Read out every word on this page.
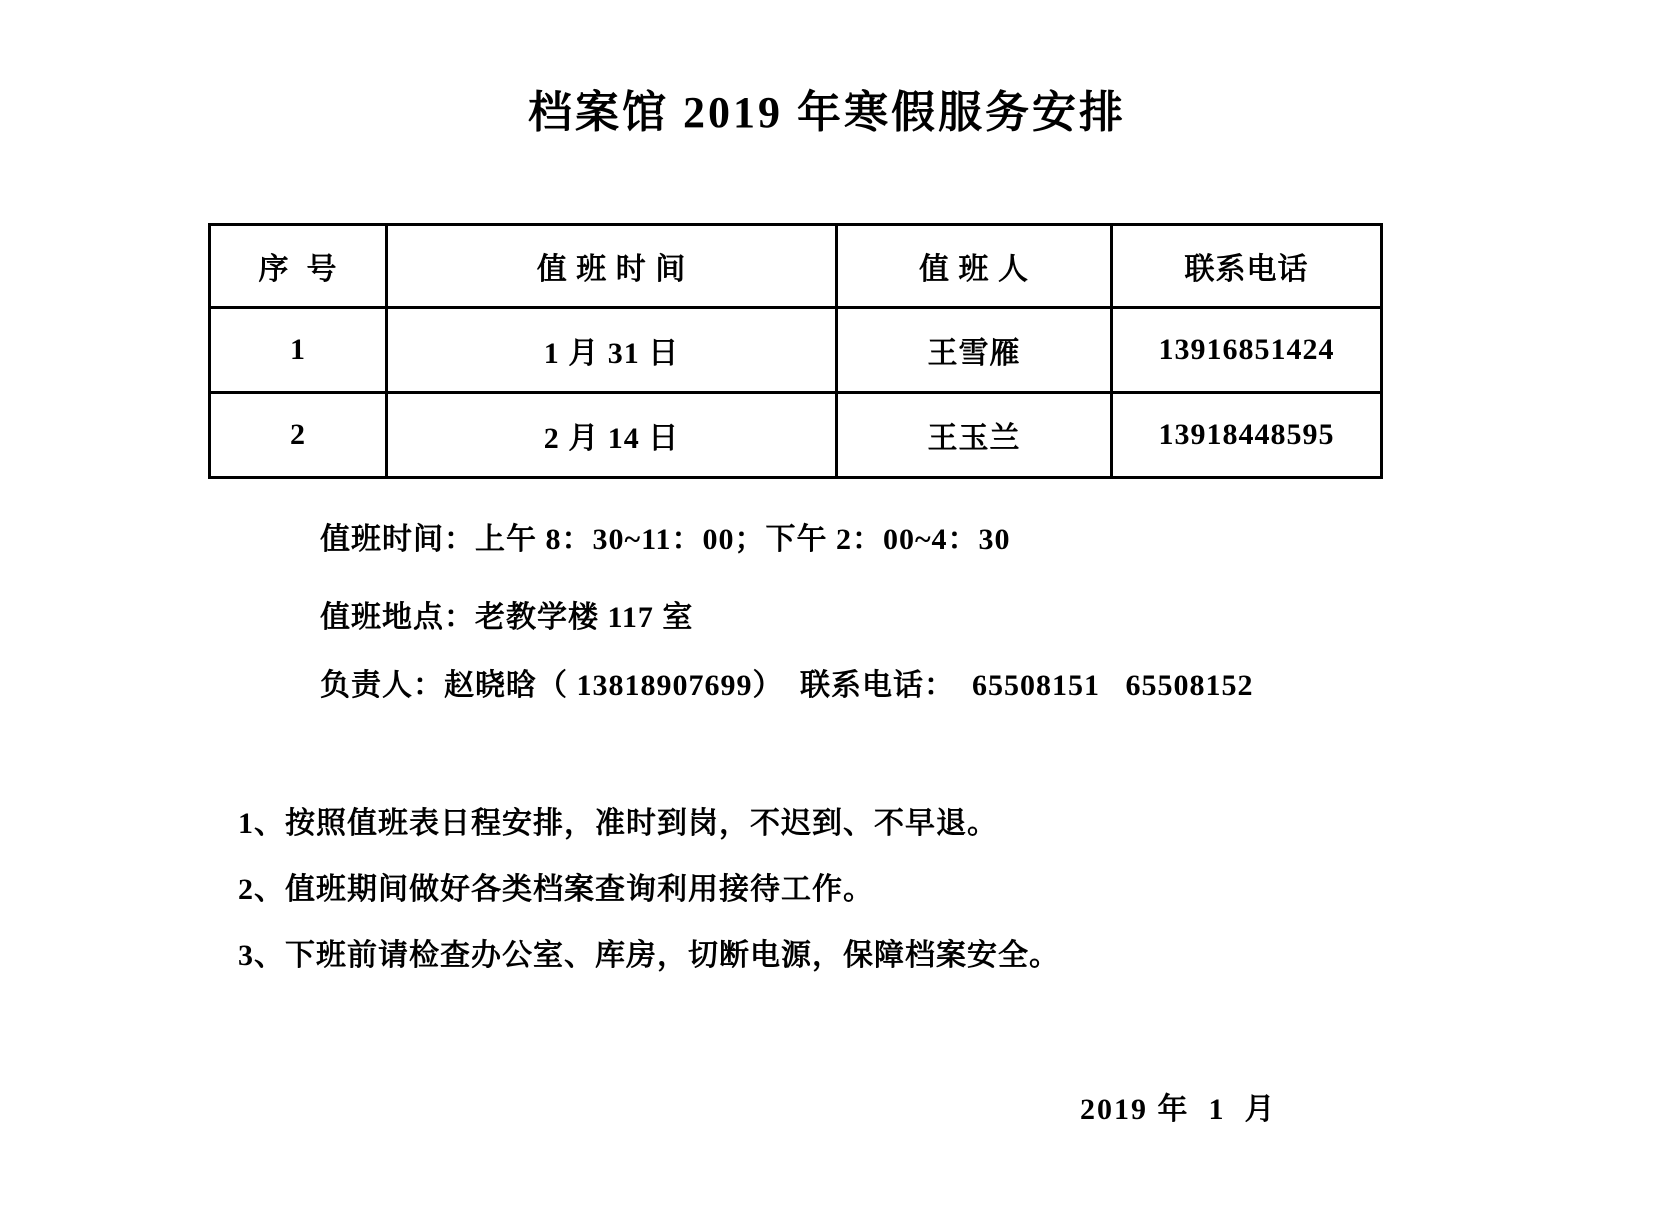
档案馆 2019 年寒假服务安排
序  号	值 班 时 间	值 班 人	联系电话
1	1 月 31 日	王雪雁	13916851424
2	2 月 14 日	王玉兰	13918448595
值班时间：上午 8：30~11：00；下午 2：00~4：30
值班地点：老教学楼 117 室
负责人：赵晓晗（ 13818907699） 联系电话：  65508151   65508152
1、按照值班表日程安排，准时到岗，不迟到、不早退。
2、值班期间做好各类档案查询利用接待工作。
3、下班前请检查办公室、库房，切断电源，保障档案安全。
2019 年  1  月
